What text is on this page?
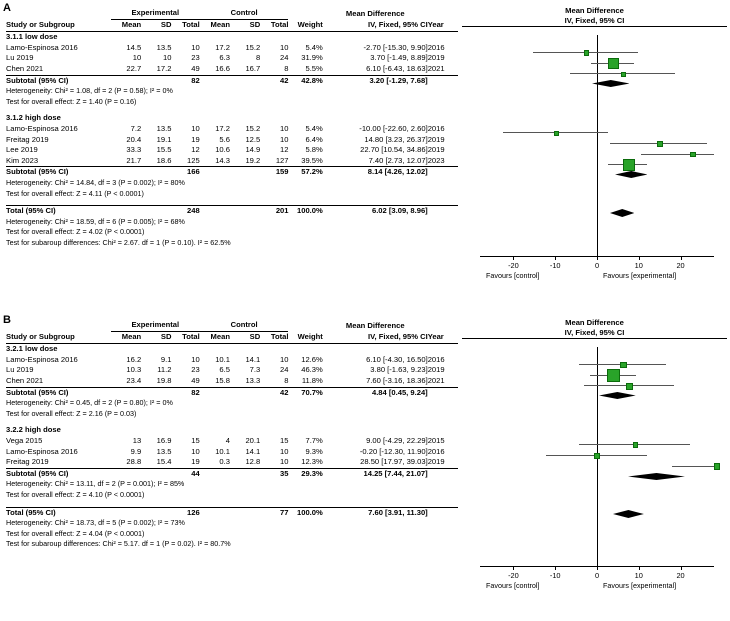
A
		Experimental			Control				Mean Difference	
Study or Subgroup	Mean	SD	Total	Mean	SD	Total	Weight	IV, Fixed, 95% CI	Year
3.1.1 low dose									
Lamo-Espinosa 2016	14.5	13.5	10	17.2	15.2	10	5.4%	-2.70 [-15.30, 9.90]	2016
Lu 2019	10	10	23	6.3	8	24	31.9%	3.70 [-1.49, 8.89]	2019
Chen 2021	22.7	17.2	49	16.6	16.7	8	5.5%	6.10 [-6.43, 18.63]	2021
Subtotal (95% CI)			82			42	42.8%	3.20 [-1.29, 7.68]	
Heterogeneity: Chi² = 1.08, df = 2 (P = 0.58); I² = 0%									
Test for overall effect: Z = 1.40 (P = 0.16)									

3.1.2 high dose									
Lamo-Espinosa 2016	7.2	13.5	10	17.2	15.2	10	5.4%	-10.00 [-22.60, 2.60]	2016
Freitag 2019	20.4	19.1	19	5.6	12.5	10	6.4%	14.80 [3.23, 26.37]	2019
Lee 2019	33.3	15.5	12	10.6	14.9	12	5.8%	22.70 [10.54, 34.86]	2019
Kim 2023	21.7	18.6	125	14.3	19.2	127	39.5%	7.40 [2.73, 12.07]	2023
Subtotal (95% CI)			166			159	57.2%	8.14 [4.26, 12.02]	
Heterogeneity: Chi² = 14.84, df = 3 (P = 0.002); I² = 80%									
Test for overall effect: Z = 4.11 (P < 0.0001)									

Total (95% CI)			248			201	100.0%	6.02 [3.09, 8.96]	
Heterogeneity: Chi² = 18.59, df = 6 (P = 0.005); I² = 68%									
Test for overall effect: Z = 4.02 (P < 0.0001)									
Test for subaroup differences: Chi² = 2.67. df = 1 (P = 0.10). I² = 62.5%									
Mean Difference
IV, Fixed, 95% CI
-20	-10	0	10	20
Favours [control]	Favours [experimental]
B
		Experimental			Control				Mean Difference	
Study or Subgroup	Mean	SD	Total	Mean	SD	Total	Weight	IV, Fixed, 95% CI	Year
3.2.1 low dose									
Lamo-Espinosa 2016	16.2	9.1	10	10.1	14.1	10	12.6%	6.10 [-4.30, 16.50]	2016
Lu 2019	10.3	11.2	23	6.5	7.3	24	46.3%	3.80 [-1.63, 9.23]	2019
Chen 2021	23.4	19.8	49	15.8	13.3	8	11.8%	7.60 [-3.16, 18.36]	2021
Subtotal (95% CI)			82			42	70.7%	4.84 [0.45, 9.24]	
Heterogeneity: Chi² = 0.45, df = 2 (P = 0.80); I² = 0%									
Test for overall effect: Z = 2.16 (P = 0.03)									

3.2.2 high dose									
Vega 2015	13	16.9	15	4	20.1	15	7.7%	9.00 [-4.29, 22.29]	2015
Lamo-Espinosa 2016	9.9	13.5	10	10.1	14.1	10	9.3%	-0.20 [-12.30, 11.90]	2016
Freitag 2019	28.8	15.4	19	0.3	12.8	10	12.3%	28.50 [17.97, 39.03]	2019
Subtotal (95% CI)			44			35	29.3%	14.25 [7.44, 21.07]	
Heterogeneity: Chi² = 13.11, df = 2 (P = 0.001); I² = 85%									
Test for overall effect: Z = 4.10 (P < 0.0001)									

Total (95% CI)			126			77	100.0%	7.60 [3.91, 11.30]	
Heterogeneity: Chi² = 18.73, df = 5 (P = 0.002); I² = 73%									
Test for overall effect: Z = 4.04 (P < 0.0001)									
Test for subaroup differences: Chi² = 5.17. df = 1 (P = 0.02). I² = 80.7%									
Mean Difference
IV, Fixed, 95% CI
-20	-10	0	10	20
Favours [control]	Favours [experimental]
